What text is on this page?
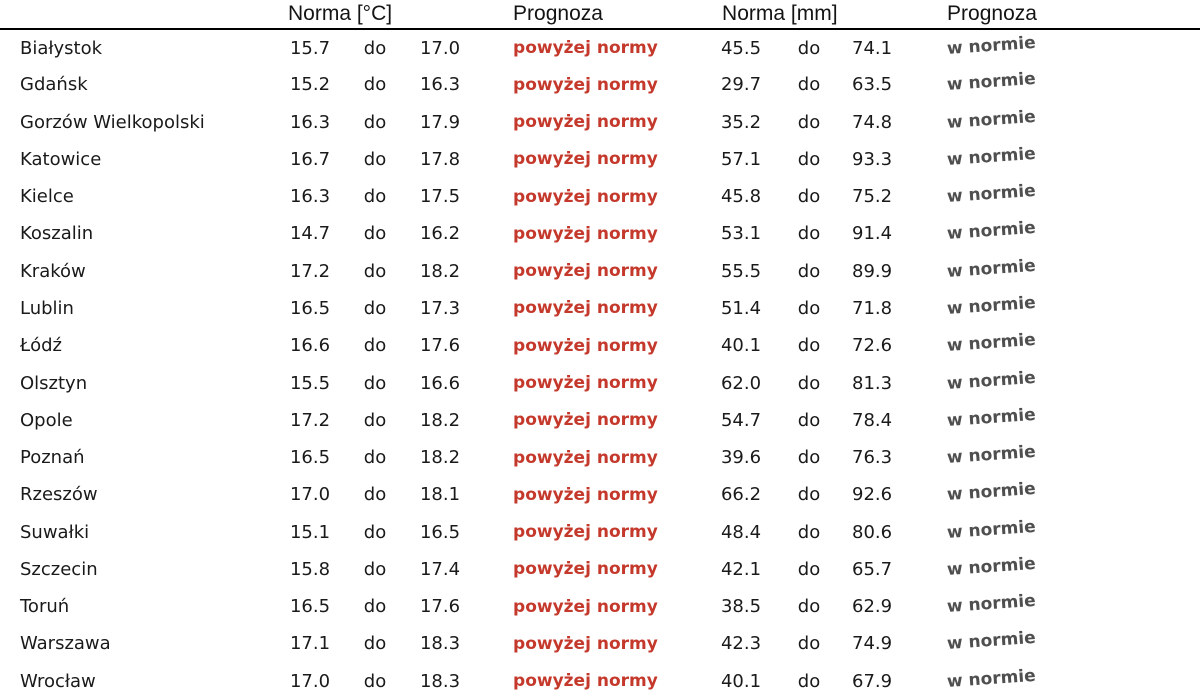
	Norma [°C]			Prognoza	Norma [mm]			Prognoza
Białystok	15.7	do	17.0	powyżej normy	45.5	do	74.1	w normie
Gdańsk	15.2	do	16.3	powyżej normy	29.7	do	63.5	w normie
Gorzów Wielkopolski	16.3	do	17.9	powyżej normy	35.2	do	74.8	w normie
Katowice	16.7	do	17.8	powyżej normy	57.1	do	93.3	w normie
Kielce	16.3	do	17.5	powyżej normy	45.8	do	75.2	w normie
Koszalin	14.7	do	16.2	powyżej normy	53.1	do	91.4	w normie
Kraków	17.2	do	18.2	powyżej normy	55.5	do	89.9	w normie
Lublin	16.5	do	17.3	powyżej normy	51.4	do	71.8	w normie
Łódź	16.6	do	17.6	powyżej normy	40.1	do	72.6	w normie
Olsztyn	15.5	do	16.6	powyżej normy	62.0	do	81.3	w normie
Opole	17.2	do	18.2	powyżej normy	54.7	do	78.4	w normie
Poznań	16.5	do	18.2	powyżej normy	39.6	do	76.3	w normie
Rzeszów	17.0	do	18.1	powyżej normy	66.2	do	92.6	w normie
Suwałki	15.1	do	16.5	powyżej normy	48.4	do	80.6	w normie
Szczecin	15.8	do	17.4	powyżej normy	42.1	do	65.7	w normie
Toruń	16.5	do	17.6	powyżej normy	38.5	do	62.9	w normie
Warszawa	17.1	do	18.3	powyżej normy	42.3	do	74.9	w normie
Wrocław	17.0	do	18.3	powyżej normy	40.1	do	67.9	w normie
